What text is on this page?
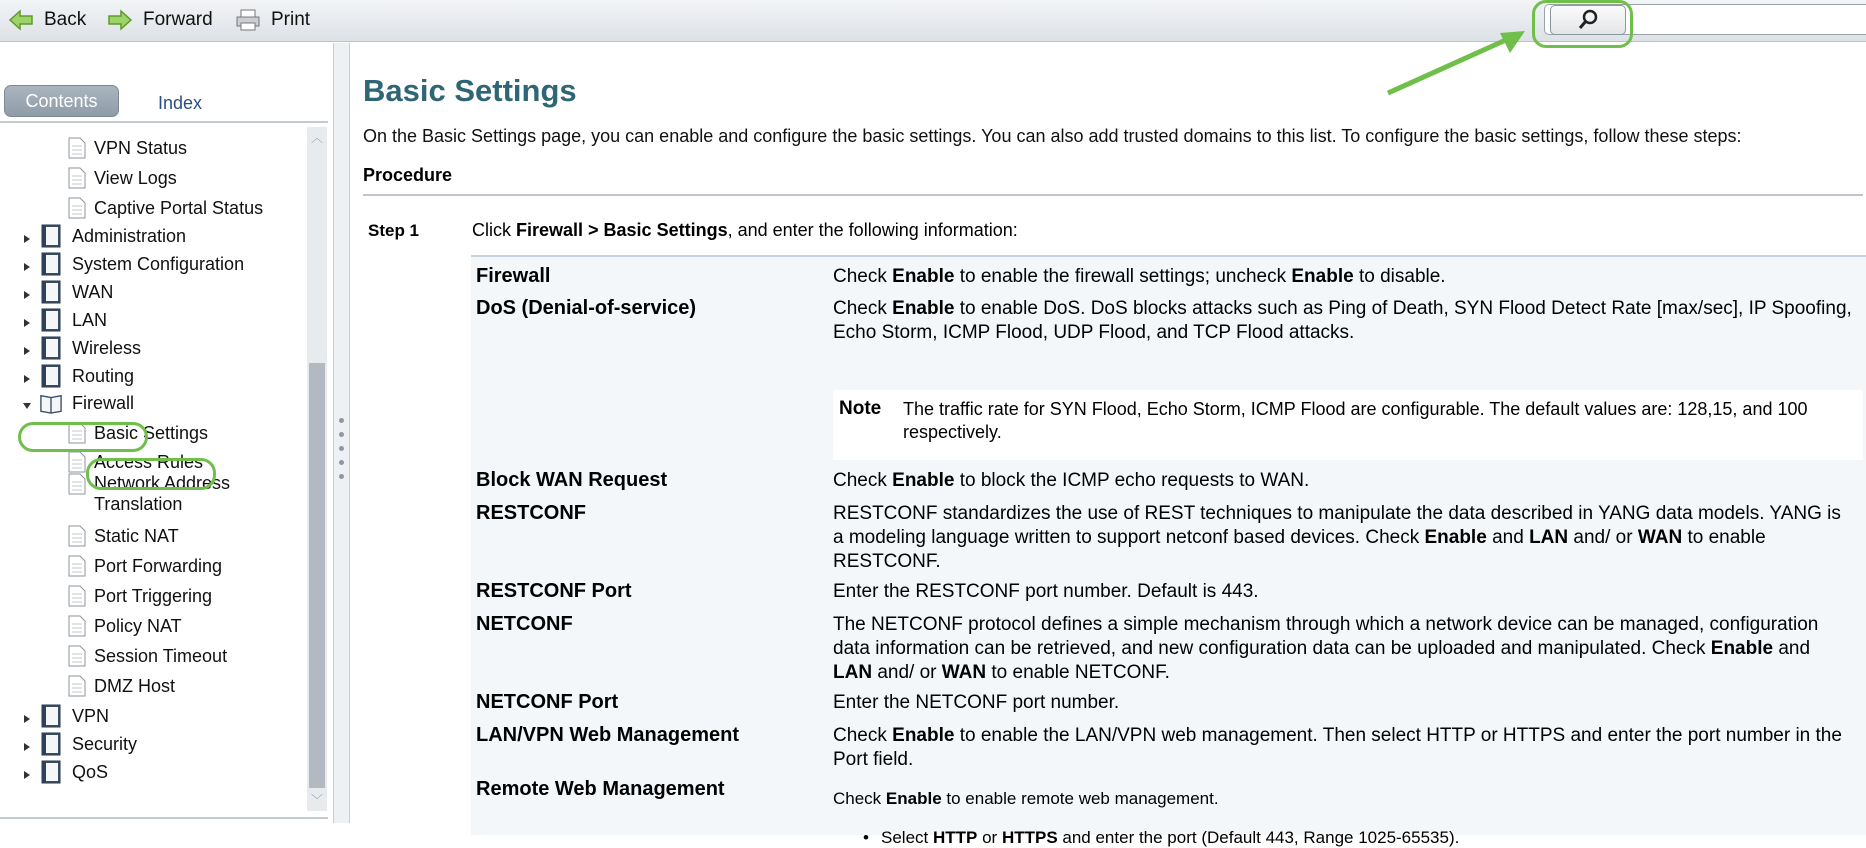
Back	Forward	Print
Contents	Index
VPN Status
View Logs
Captive Portal Status
Administration
System Configuration
WAN
LAN
Wireless
Routing
Firewall
Basic Settings
Access Rules
Network Address
Translation
Static NAT
Port Forwarding
Port Triggering
Policy NAT
Session Timeout
DMZ Host
VPN
Security
QoS
︿
﹀
Basic Settings
On the Basic Settings page, you can enable and configure the basic settings. You can also add trusted domains to this list. To configure the basic settings, follow these steps:
Procedure
Step 1	Click Firewall > Basic Settings, and enter the following information:
Firewall	Check Enable to enable the firewall settings; uncheck Enable to disable.
DoS (Denial-of-service)	Check Enable to enable DoS. DoS blocks attacks such as Ping of Death, SYN Flood Detect Rate [max/sec], IP Spoofing, Echo Storm, ICMP Flood, UDP Flood, and TCP Flood attacks.
Note The traffic rate for SYN Flood, Echo Storm, ICMP Flood are configurable. The default values are: 128,15, and 100 respectively.
Block WAN Request	Check Enable to block the ICMP echo requests to WAN.
RESTCONF	RESTCONF standardizes the use of REST techniques to manipulate the data described in YANG data models. YANG is a modeling language written to support netconf based devices. Check Enable and LAN and/ or WAN to enable RESTCONF.
RESTCONF Port	Enter the RESTCONF port number. Default is 443.
NETCONF	The NETCONF protocol defines a simple mechanism through which a network device can be managed, configuration data information can be retrieved, and new configuration data can be uploaded and manipulated. Check Enable and LAN and/ or WAN to enable NETCONF.
NETCONF Port	Enter the NETCONF port number.
LAN/VPN Web Management	Check Enable to enable the LAN/VPN web management. Then select HTTP or HTTPS and enter the port number in the Port field.
Remote Web Management	Check Enable to enable remote web management.
• Select HTTP or HTTPS and enter the port (Default 443, Range 1025-65535).
